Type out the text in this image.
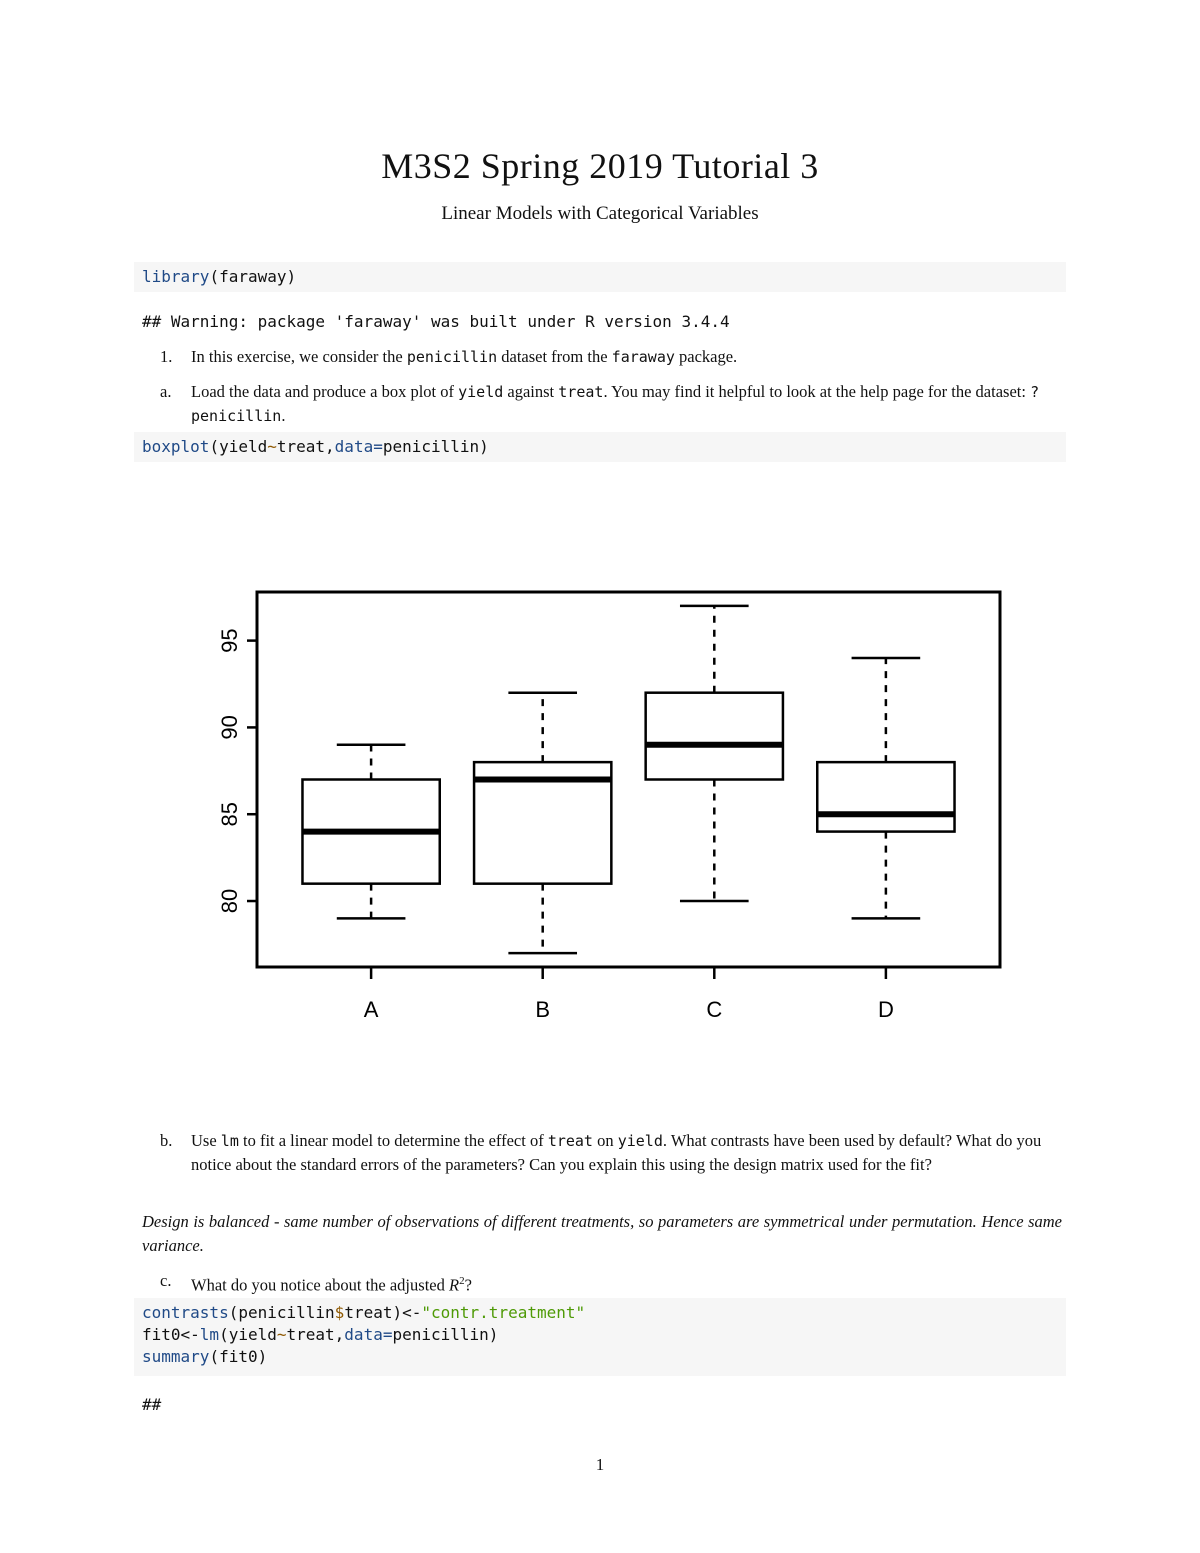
M3S2 Spring 2019 Tutorial 3
Linear Models with Categorical Variables
library(faraway)
## Warning: package 'faraway' was built under R version 3.4.4
1.	In this exercise, we consider the penicillin dataset from the faraway package.
a.	Load the data and produce a box plot of yield against treat. You may find it helpful to look at the help page for the dataset: ?penicillin.
boxplot(yield~treat,data=penicillin)
80
85
90
95
A	B	C	D
b.	Use lm to fit a linear model to determine the effect of treat on yield. What contrasts have been used by default? What do you notice about the standard errors of the parameters? Can you explain this using the design matrix used for the fit?
Design is balanced - same number of observations of different treatments, so parameters are symmetrical under permutation. Hence same variance.
c.	What do you notice about the adjusted $R^2$?
contrasts(penicillin$treat)<-"contr.treatment"
fit0<-lm(yield~treat,data=penicillin)
summary(fit0)
##
1
